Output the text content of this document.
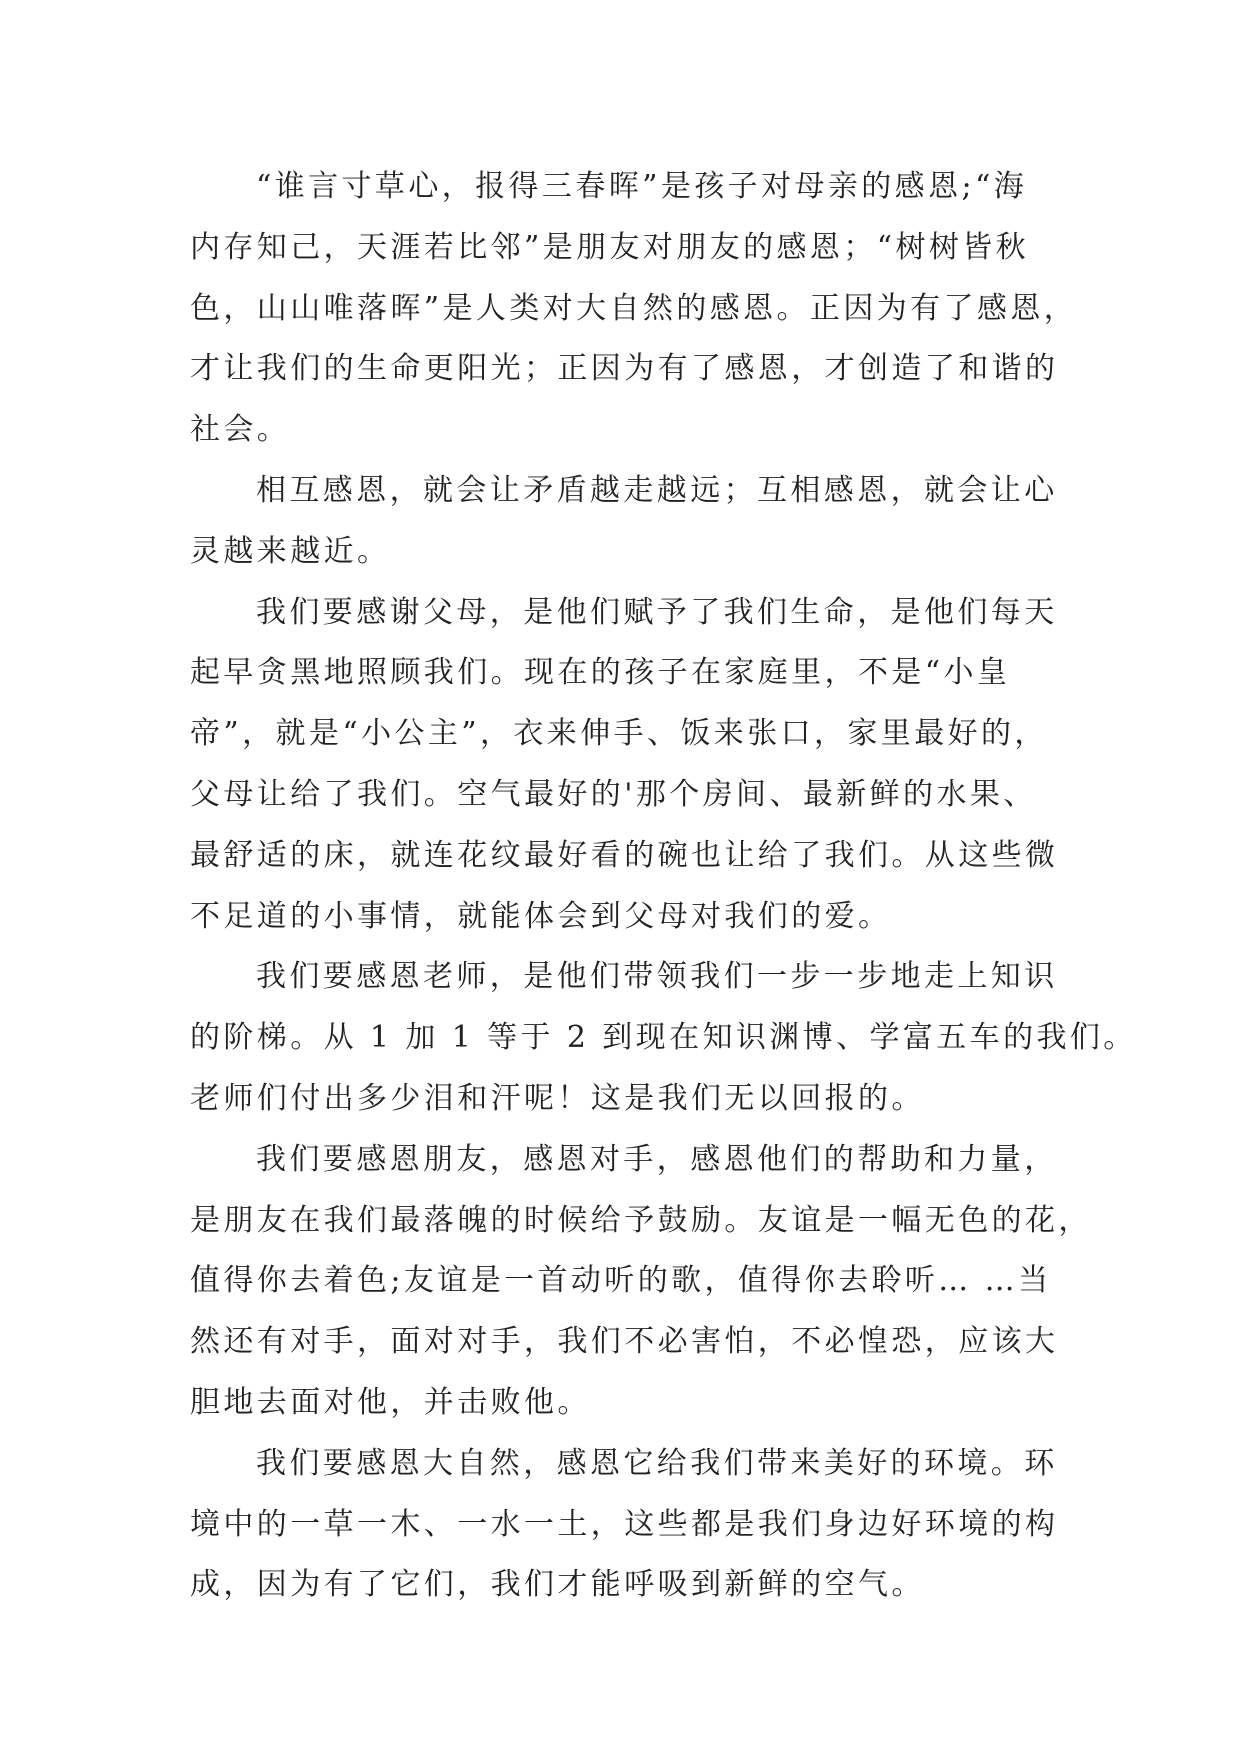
“谁言寸草心，报得三春晖”是孩子对母亲的感恩;“海
内存知己，天涯若比邻”是朋友对朋友的感恩；“树树皆秋
色，山山唯落晖”是人类对大自然的感恩。正因为有了感恩，
才让我们的生命更阳光；正因为有了感恩，才创造了和谐的
社会。
相互感恩，就会让矛盾越走越远；互相感恩，就会让心
灵越来越近。
我们要感谢父母，是他们赋予了我们生命，是他们每天
起早贪黑地照顾我们。现在的孩子在家庭里，不是“小皇
帝”，就是“小公主”，衣来伸手、饭来张口，家里最好的，
父母让给了我们。空气最好的'那个房间、最新鲜的水果、
最舒适的床，就连花纹最好看的碗也让给了我们。从这些微
不足道的小事情，就能体会到父母对我们的爱。
我们要感恩老师，是他们带领我们一步一步地走上知识
的阶梯。从 1 加 1 等于 2 到现在知识渊博、学富五车的我们。
老师们付出多少泪和汗呢！这是我们无以回报的。
我们要感恩朋友，感恩对手，感恩他们的帮助和力量，
是朋友在我们最落魄的时候给予鼓励。友谊是一幅无色的花，
值得你去着色;友谊是一首动听的歌，值得你去聆听… …当
然还有对手，面对对手，我们不必害怕，不必惶恐，应该大
胆地去面对他，并击败他。
我们要感恩大自然，感恩它给我们带来美好的环境。环
境中的一草一木、一水一土，这些都是我们身边好环境的构
成，因为有了它们，我们才能呼吸到新鲜的空气。
